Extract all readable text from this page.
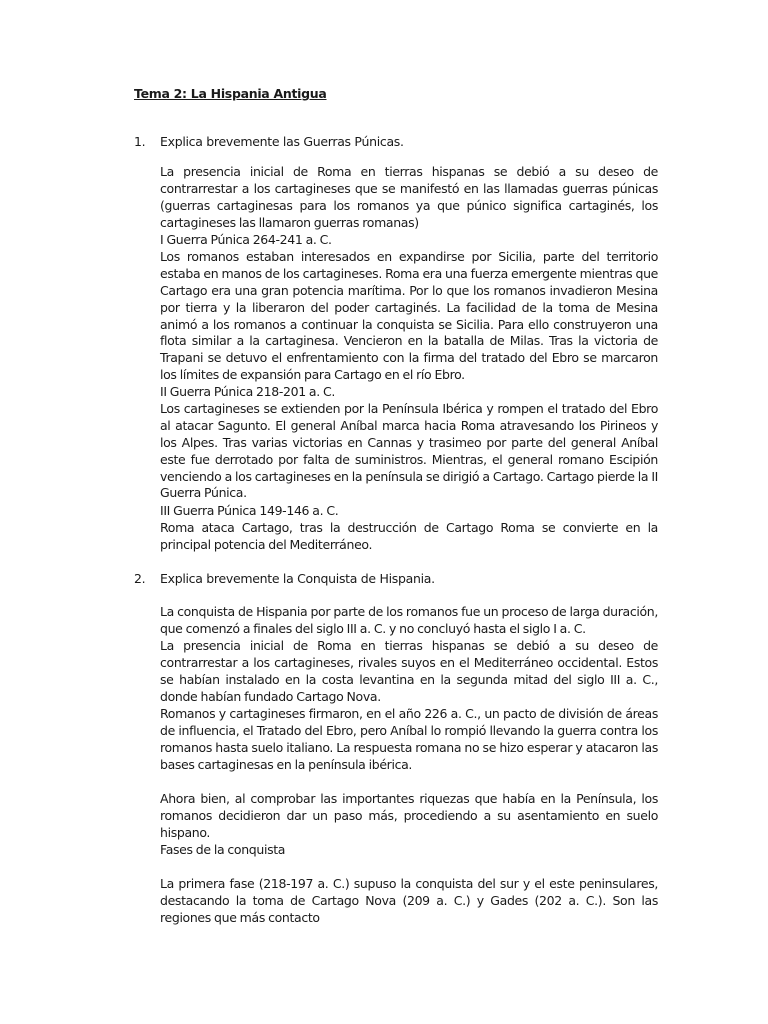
Tema 2: La Hispania Antigua
1. Explica brevemente las Guerras Púnicas.

La presencia inicial de Roma en tierras hispanas se debió a su deseo de contrarrestar a los cartagineses que se manifestó en las llamadas guerras púnicas (guerras cartaginesas para los romanos ya que púnico significa cartaginés, los cartagineses las llamaron guerras romanas)

I Guerra Púnica 264-241 a. C.

Los romanos estaban interesados en expandirse por Sicilia, parte del territorio estaba en manos de los cartagineses. Roma era una fuerza emergente mientras que Cartago era una gran potencia marítima. Por lo que los romanos invadieron Mesina por tierra y la liberaron del poder cartaginés. La facilidad de la toma de Mesina animó a los romanos a continuar la conquista se Sicilia. Para ello construyeron una flota similar a la cartaginesa. Vencieron en la batalla de Milas. Tras la victoria de Trapani se detuvo el enfrentamiento con la firma del tratado del Ebro se marcaron los límites de expansión para Cartago en el río Ebro.

II Guerra Púnica 218-201 a. C.

Los cartagineses se extienden por la Península Ibérica y rompen el tratado del Ebro al atacar Sagunto. El general Aníbal marca hacia Roma atravesando los Pirineos y los Alpes. Tras varias victorias en Cannas y trasimeo por parte del general Aníbal este fue derrotado por falta de suministros. Mientras, el general romano Escipión venciendo a los cartagineses en la península se dirigió a Cartago. Cartago pierde la II Guerra Púnica.

III Guerra Púnica 149-146 a. C.

Roma ataca Cartago, tras la destrucción de Cartago Roma se convierte en la principal potencia del Mediterráneo.

2. Explica brevemente la Conquista de Hispania.

La conquista de Hispania por parte de los romanos fue un proceso de larga duración, que comenzó a finales del siglo III a. C. y no concluyó hasta el siglo I a. C.

La presencia inicial de Roma en tierras hispanas se debió a su deseo de contrarrestar a los cartagineses, rivales suyos en el Mediterráneo occidental. Estos se habían instalado en la costa levantina en la segunda mitad del siglo III a. C., donde habían fundado Cartago Nova.

Romanos y cartagineses firmaron, en el año 226 a. C., un pacto de división de áreas de influencia, el Tratado del Ebro, pero Aníbal lo rompió llevando la guerra contra los romanos hasta suelo italiano. La respuesta romana no se hizo esperar y atacaron las bases cartaginesas en la península ibérica.

Ahora bien, al comprobar las importantes riquezas que había en la Península, los romanos decidieron dar un paso más, procediendo a su asentamiento en suelo hispano.

Fases de la conquista

La primera fase (218-197 a. C.) supuso la conquista del sur y el este peninsulares, destacando la toma de Cartago Nova (209 a. C.) y Gades (202 a. C.). Son las regiones que más contacto
